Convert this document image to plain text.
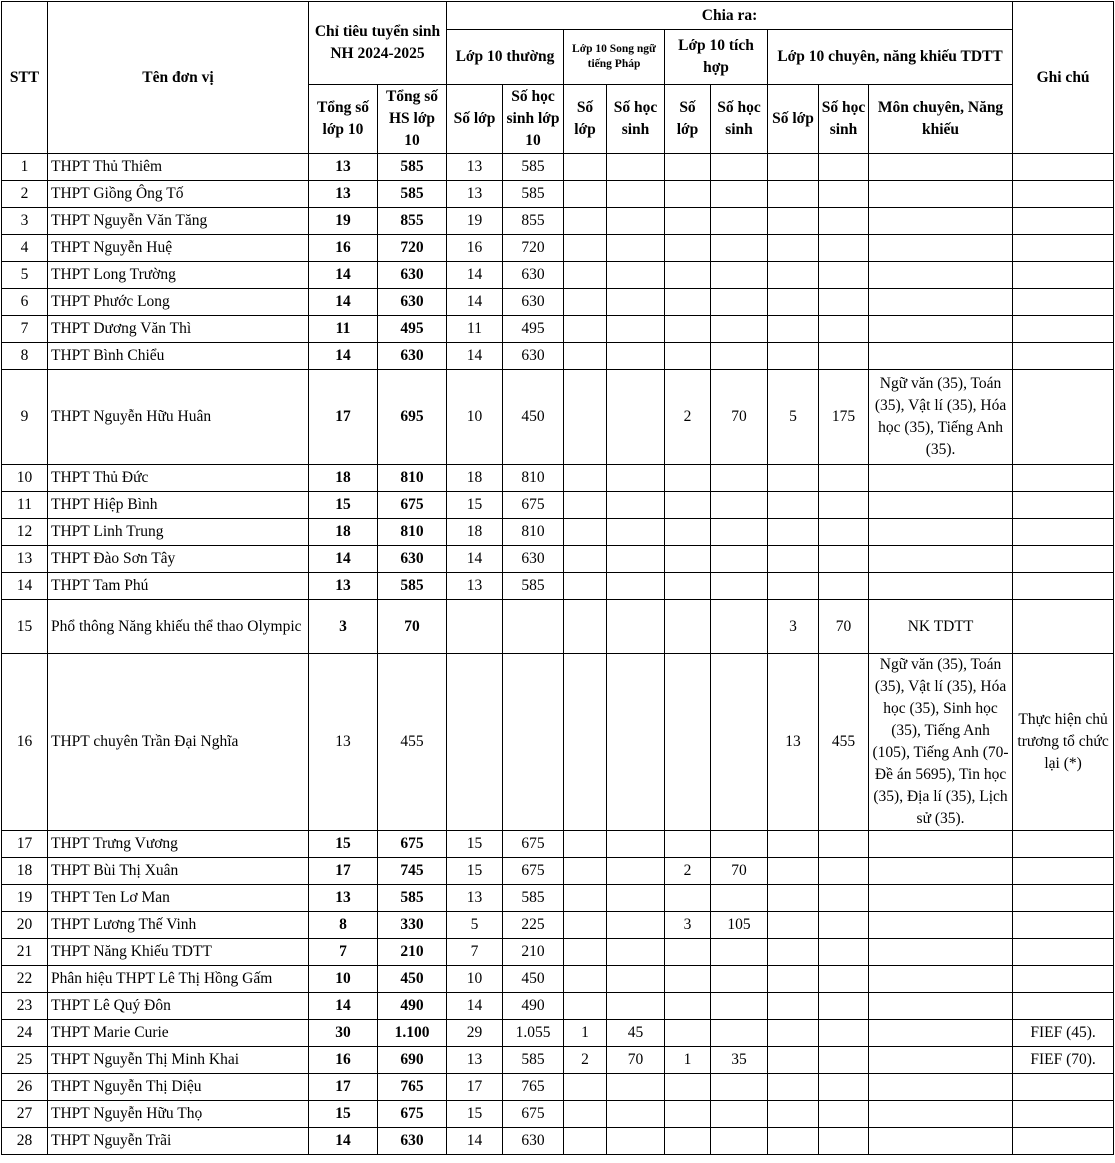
STT	Tên đơn vị	Chỉ tiêu tuyển sinh NH 2024-2025		Chia ra:									Ghi chú
				Lớp 10 thường		Lớp 10 Song ngữ tiếng Pháp		Lớp 10 tích hợp		Lớp 10 chuyên, năng khiếu TDTT			
		Tổng số lớp 10	Tổng số HS lớp 10	Số lớp	Số học sinh lớp 10	Số lớp	Số học sinh	Số lớp	Số học sinh	Số lớp	Số học sinh	Môn chuyên, Năng khiếu	
1	THPT Thủ Thiêm	13	585	13	585								
2	THPT Giồng Ông Tố	13	585	13	585								
3	THPT Nguyễn Văn Tăng	19	855	19	855								
4	THPT Nguyễn Huệ	16	720	16	720								
5	THPT Long Trường	14	630	14	630								
6	THPT Phước Long	14	630	14	630								
7	THPT Dương Văn Thì	11	495	11	495								
8	THPT Bình Chiểu	14	630	14	630								
9	THPT Nguyễn Hữu Huân	17	695	10	450			2	70	5	175	Ngữ văn (35), Toán (35), Vật lí (35), Hóa học (35), Tiếng Anh (35).	
10	THPT Thủ Đức	18	810	18	810								
11	THPT Hiệp Bình	15	675	15	675								
12	THPT Linh Trung	18	810	18	810								
13	THPT Đào Sơn Tây	14	630	14	630								
14	THPT Tam Phú	13	585	13	585								
15	Phổ thông Năng khiếu thể thao Olympic	3	70							3	70	NK TDTT	
16	THPT chuyên Trần Đại Nghĩa	13	455							13	455	Ngữ văn (35), Toán (35), Vật lí (35), Hóa học (35), Sinh học (35), Tiếng Anh (105), Tiếng Anh (70-Đề án 5695), Tin học (35), Địa lí (35), Lịch sử (35).	Thực hiện chủ trương tổ chức lại (*)
17	THPT Trưng Vương	15	675	15	675								
18	THPT Bùi Thị Xuân	17	745	15	675			2	70				
19	THPT Ten Lơ Man	13	585	13	585								
20	THPT Lương Thế Vinh	8	330	5	225			3	105				
21	THPT Năng Khiếu TDTT	7	210	7	210								
22	Phân hiệu THPT Lê Thị Hồng Gấm	10	450	10	450								
23	THPT Lê Quý Đôn	14	490	14	490								
24	THPT Marie Curie	30	1.100	29	1.055	1	45						FIEF (45).
25	THPT Nguyễn Thị Minh Khai	16	690	13	585	2	70	1	35				FIEF (70).
26	THPT Nguyễn Thị Diệu	17	765	17	765								
27	THPT Nguyễn Hữu Thọ	15	675	15	675								
28	THPT Nguyễn Trãi	14	630	14	630								
